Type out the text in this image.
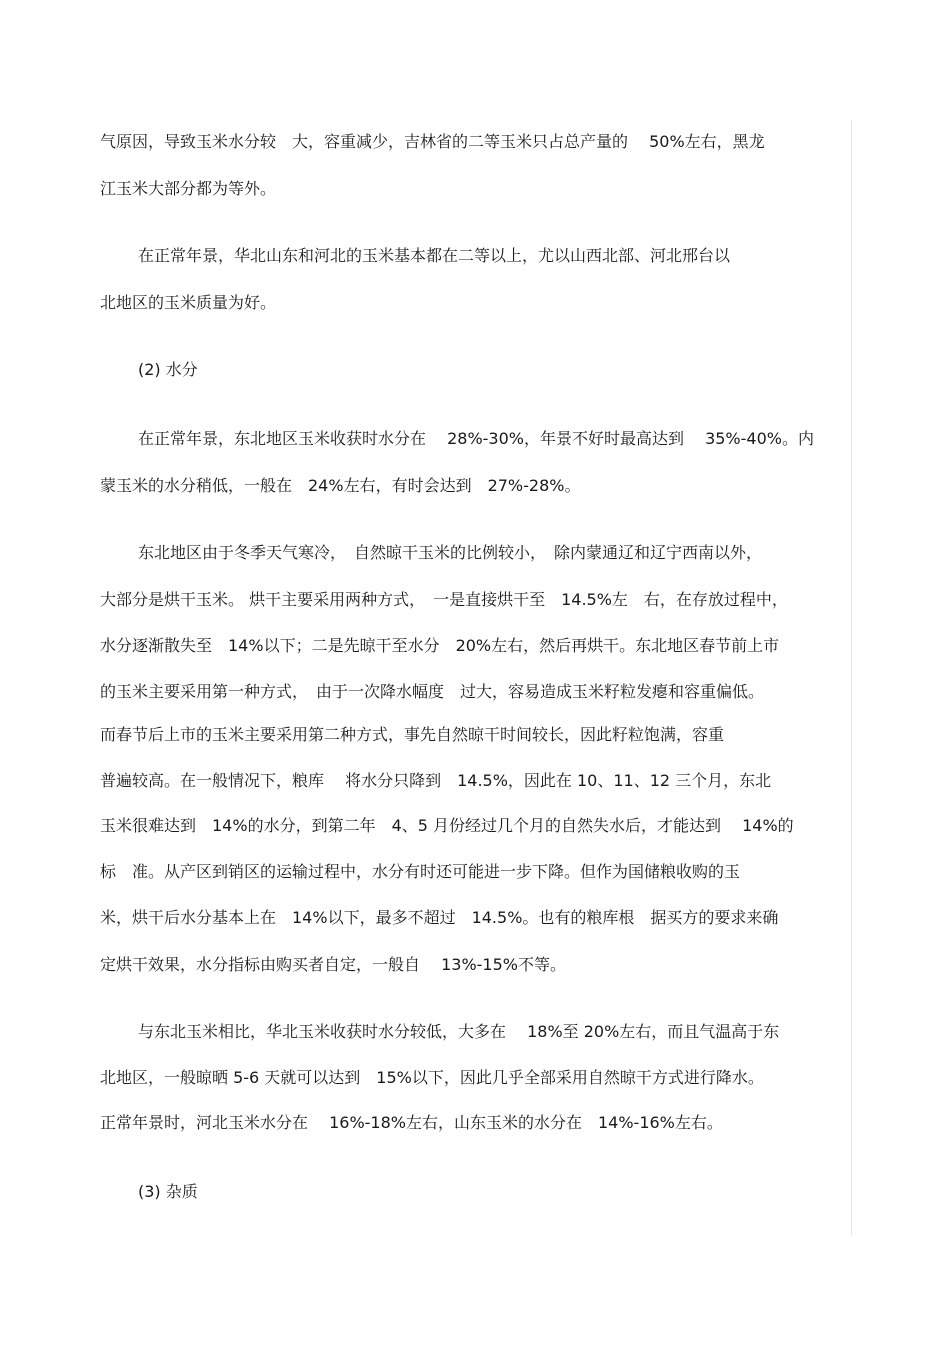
气原因，导致玉米水分较　大，容重减少，吉林省的二等玉米只占总产量的　 50%左右，黑龙
江玉米大部分都为等外。
在正常年景，华北山东和河北的玉米基本都在二等以上，尤以山西北部、河北邢台以
北地区的玉米质量为好。
(2) 水分
在正常年景，东北地区玉米收获时水分在　 28%-30%，年景不好时最高达到　 35%-40%。内
蒙玉米的水分稍低，一般在　24%左右，有时会达到　27%-28%。
东北地区由于冬季天气寒冷，　自然晾干玉米的比例较小，　除内蒙通辽和辽宁西南以外，
大部分是烘干玉米。 烘干主要采用两种方式，　一是直接烘干至　14.5%左　右，在存放过程中，
水分逐渐散失至　14%以下；二是先晾干至水分　20%左右，然后再烘干。东北地区春节前上市
的玉米主要采用第一种方式，　由于一次降水幅度　过大，容易造成玉米籽粒发瘪和容重偏低。
而春节后上市的玉米主要采用第二种方式，事先自然晾干时间较长，因此籽粒饱满，容重
普遍较高。在一般情况下，粮库　 将水分只降到　14.5%，因此在 10、11、12 三个月，东北
玉米很难达到　14%的水分，到第二年　4、5 月份经过几个月的自然失水后，才能达到　 14%的
标　准。从产区到销区的运输过程中，水分有时还可能进一步下降。但作为国储粮收购的玉
米，烘干后水分基本上在　14%以下，最多不超过　14.5%。也有的粮库根　据买方的要求来确
定烘干效果，水分指标由购买者自定，一般自　 13%-15%不等。
与东北玉米相比，华北玉米收获时水分较低，大多在　 18%至 20%左右，而且气温高于东
北地区，一般晾晒 5-6 天就可以达到　15%以下，因此几乎全部采用自然晾干方式进行降水。
正常年景时，河北玉米水分在　 16%-18%左右，山东玉米的水分在　14%-16%左右。
(3) 杂质
